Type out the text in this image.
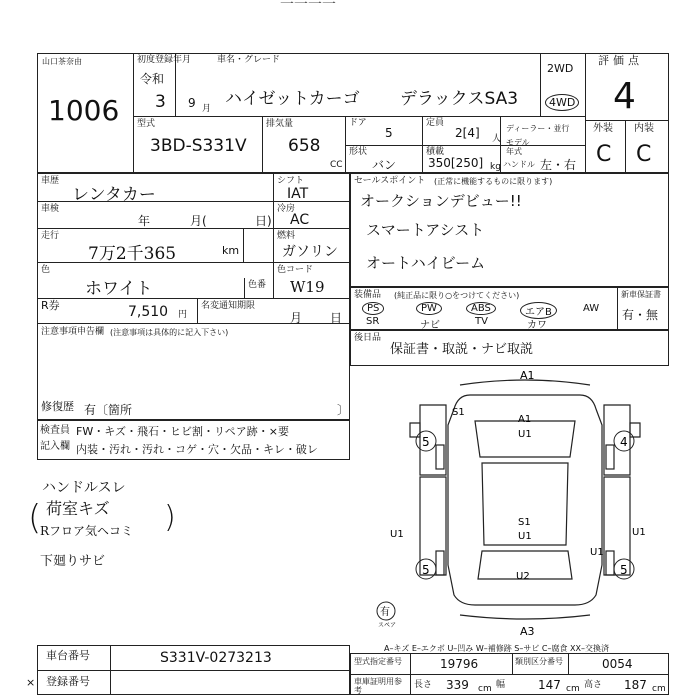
一一一一
山口茶奈由
1006
初度登録年月
令和
3 9 月
車名・グレード
ハイゼットカーゴ デラックスSA3
2WD
4WD
評価点
4
外装 内装
C C
型式
3BD-S331V
排気量
658
CC
ドア
5
定員
2[4] 人
ディーラー・並行
モデル年式
形状
バン
積載
350[250] kg ハンドル 左・右
車歴
レンタカー
シフト
IAT
車検
年	月(	日)
冷房
AC
走行
7万2千365	km
燃料
ガソリン
色
ホワイト	色番
色コード
W19
R券	7,510 円
名変通知期限
月 日
注意事項申告欄 (注意事項は具体的に記入下さい)
修復歴 有〔箇所	〕
セールスポイント (正常に機能するものに限ります)
オークションデビュー!!
スマートアシスト
オートハイビーム
装備品 (純正品に限り○をつけてください)
PS	PW	ABS	エアB	AW
SR	ナビ	TV	カワ
新車保証書
有・無
後日品
保証書・取説・ナビ取説
検査員
記入欄
FW・キズ・飛石・ヒビ割・リペア跡・×要
内装・汚れ・汚れ・コゲ・穴・欠品・キレ・破レ
ハンドルスレ
荷室キズ
Rフロア気ヘコミ
下廻りサビ
(	)
A1
S1
A1
U1
5	4
U1	U1
S1
U1
U1
5	U2	5
A3
有
スペア
A–キズ E–エクボ U–凹み W–補修跡 S–サビ C–腐食 XX–交換済
車台番号	S331V-0273213
登録番号
×
型式指定番号	19796	類別区分番号	0054
車庫証明用参考
長さ 339 cm 幅	147 cm 高さ 187 cm
